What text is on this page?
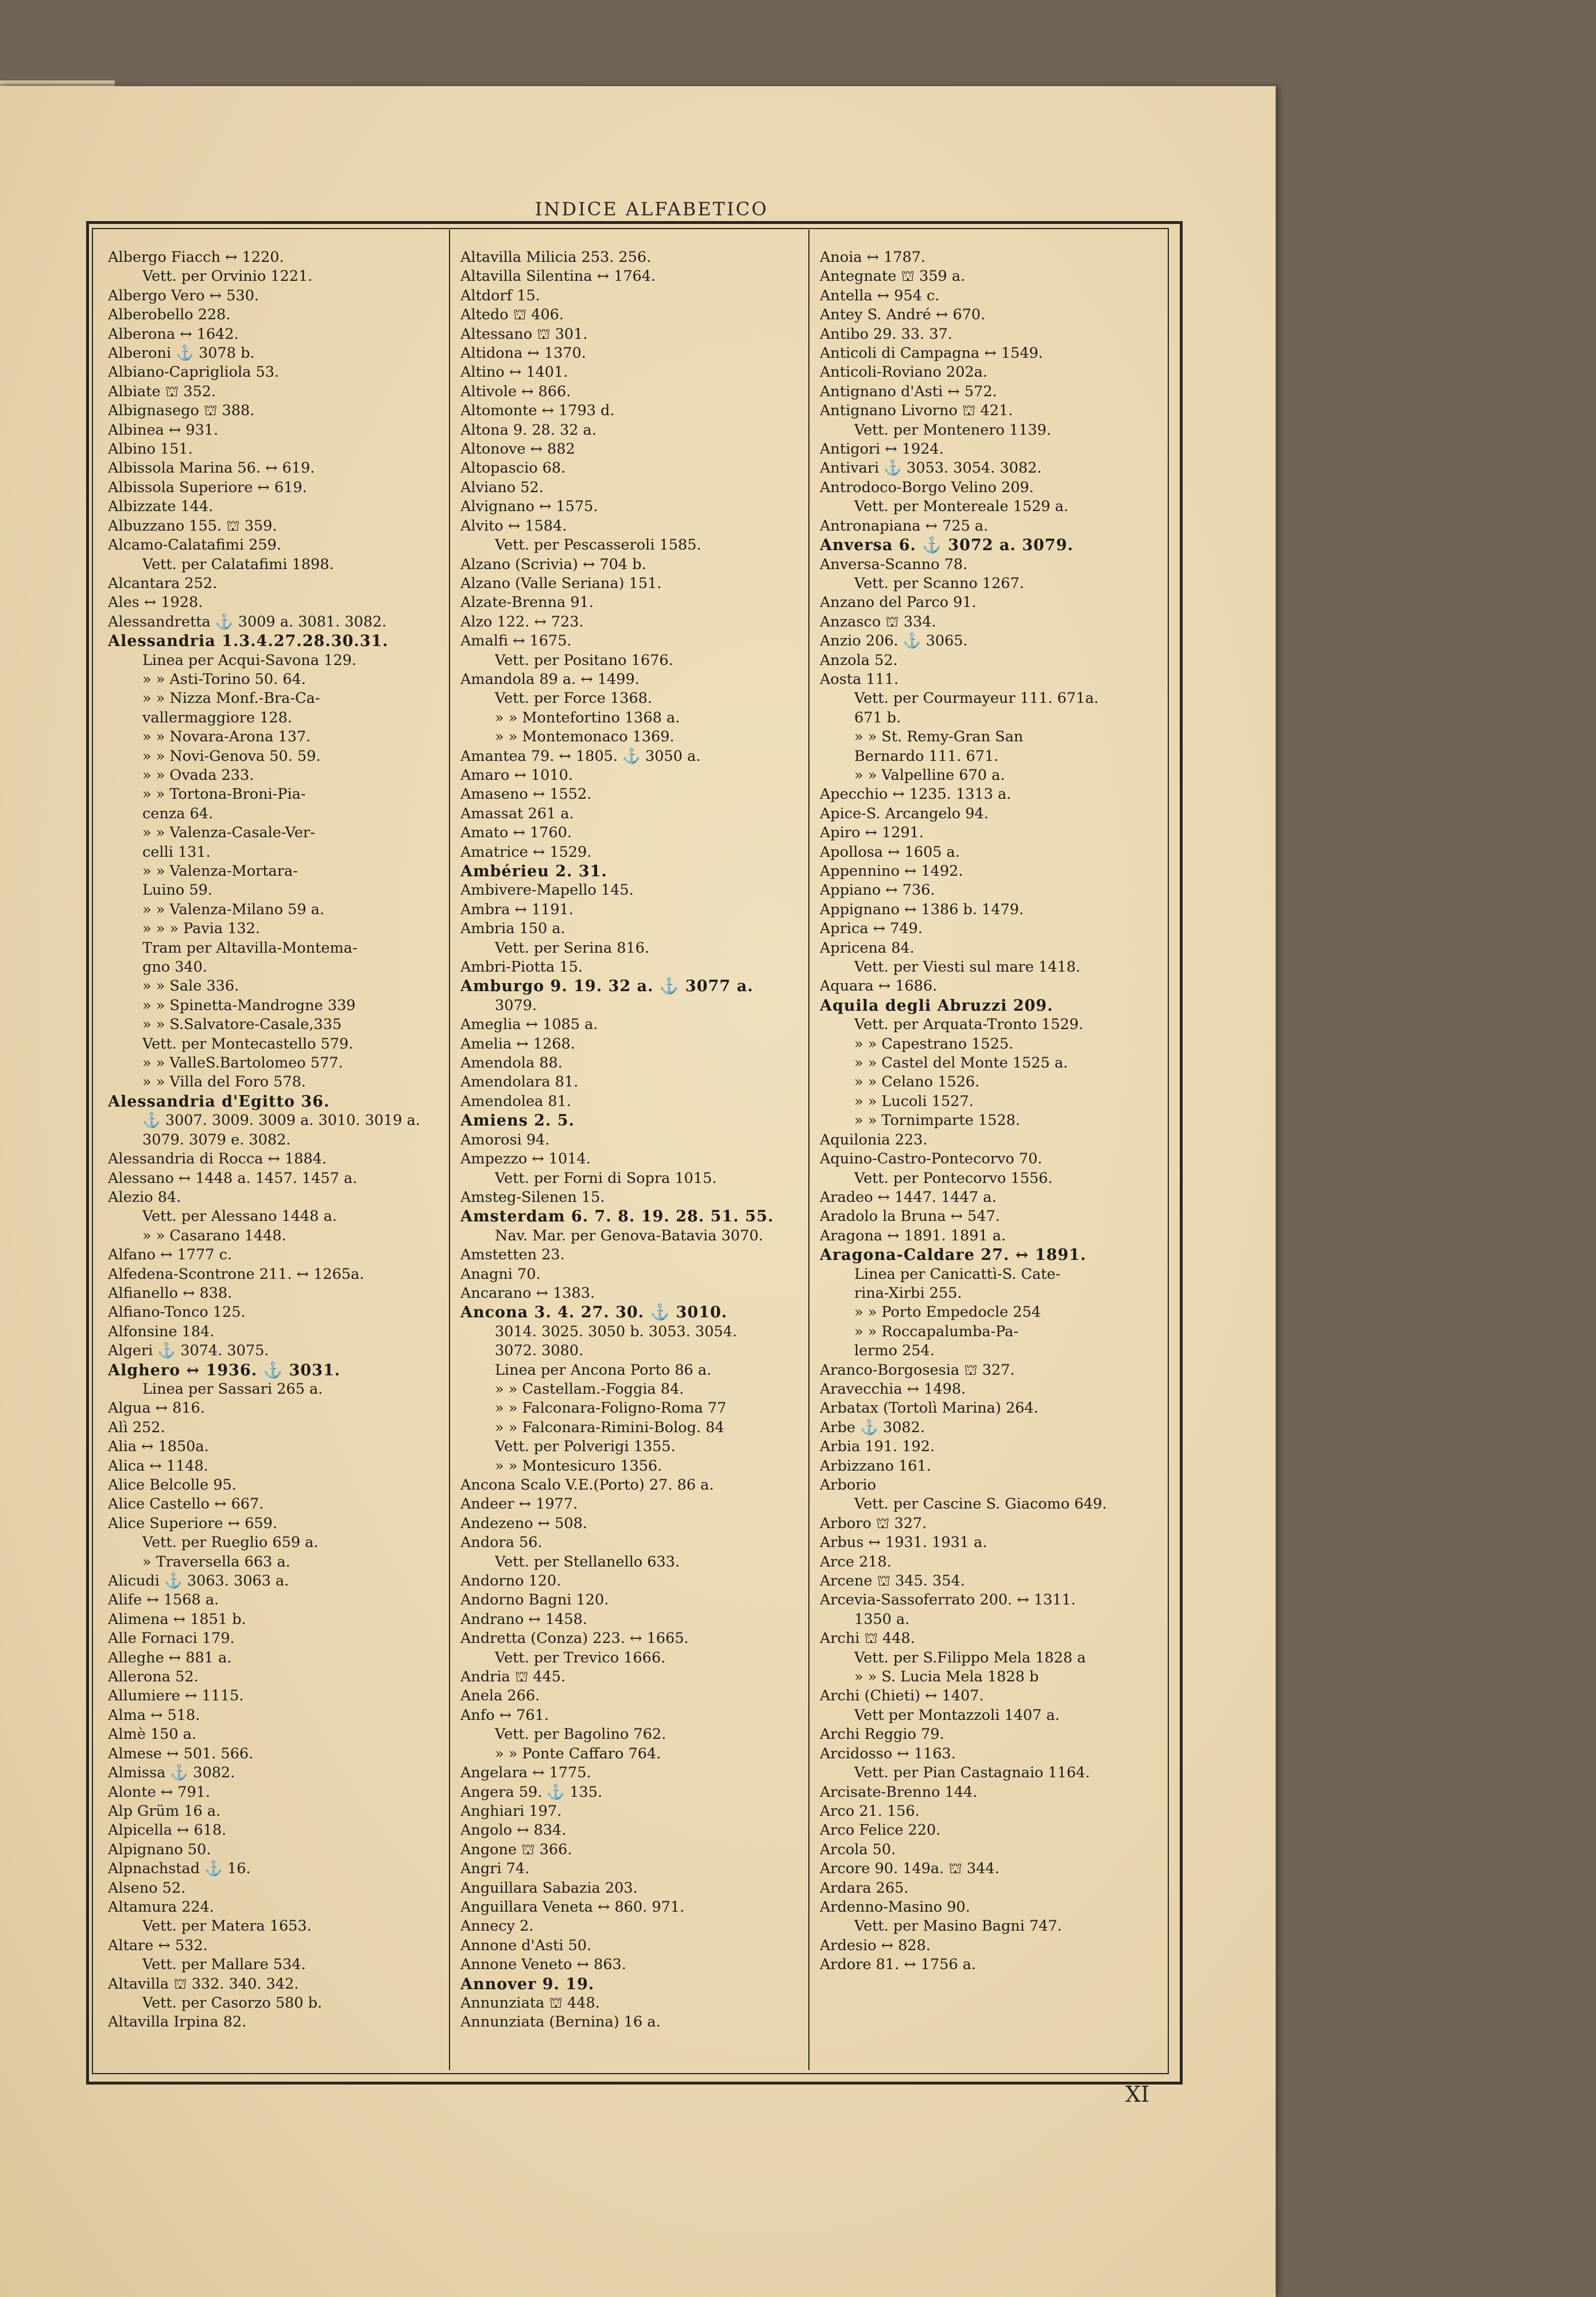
INDICE ALFABETICO
Albergo Fiacch ↔ 1220.
Vett. per Orvinio 1221.
Albergo Vero ↔ 530.
Alberobello 228.
Alberona ↔ 1642.
Alberoni ⚓ 3078 b.
Albiano-Caprigliola 53.
Albiate ⛫ 352.
Albignasego ⛫ 388.
Albinea ↔ 931.
Albino 151.
Albissola Marina 56. ↔ 619.
Albissola Superiore ↔ 619.
Albizzate 144.
Albuzzano 155. ⛫ 359.
Alcamo-Calatafimi 259.
Vett. per Calatafimi 1898.
Alcantara 252.
Ales ↔ 1928.
Alessandretta ⚓ 3009 a. 3081. 3082.
Alessandria 1.3.4.27.28.30.31.
Linea per Acqui-Savona 129.
» » Asti-Torino 50. 64.
» » Nizza Monf.-Bra-Ca-
vallermaggiore 128.
» » Novara-Arona 137.
» » Novi-Genova 50. 59.
» » Ovada 233.
» » Tortona-Broni-Pia-
cenza 64.
» » Valenza-Casale-Ver-
celli 131.
» » Valenza-Mortara-
Luino 59.
» » Valenza-Milano 59 a.
» » » Pavia 132.
Tram per Altavilla-Montema-
gno 340.
» » Sale 336.
» » Spinetta-Mandrogne 339
» » S.Salvatore-Casale,335
Vett. per Montecastello 579.
» » ValleS.Bartolomeo 577.
» » Villa del Foro 578.
Alessandria d'Egitto 36.
⚓ 3007. 3009. 3009 a. 3010. 3019 a.
3079. 3079 e. 3082.
Alessandria di Rocca ↔ 1884.
Alessano ↔ 1448 a. 1457. 1457 a.
Alezio 84.
Vett. per Alessano 1448 a.
» » Casarano 1448.
Alfano ↔ 1777 c.
Alfedena-Scontrone 211. ↔ 1265a.
Alfianello ↔ 838.
Alfiano-Tonco 125.
Alfonsine 184.
Algeri ⚓ 3074. 3075.
Alghero ↔ 1936. ⚓ 3031.
Linea per Sassari 265 a.
Algua ↔ 816.
Alì 252.
Alia ↔ 1850a.
Alica ↔ 1148.
Alice Belcolle 95.
Alice Castello ↔ 667.
Alice Superiore ↔ 659.
Vett. per Rueglio 659 a.
» Traversella 663 a.
Alicudi ⚓ 3063. 3063 a.
Alife ↔ 1568 a.
Alimena ↔ 1851 b.
Alle Fornaci 179.
Alleghe ↔ 881 a.
Allerona 52.
Allumiere ↔ 1115.
Alma ↔ 518.
Almè 150 a.
Almese ↔ 501. 566.
Almissa ⚓ 3082.
Alonte ↔ 791.
Alp Grüm 16 a.
Alpicella ↔ 618.
Alpignano 50.
Alpnachstad ⚓ 16.
Alseno 52.
Altamura 224.
Vett. per Matera 1653.
Altare ↔ 532.
Vett. per Mallare 534.
Altavilla ⛫ 332. 340. 342.
Vett. per Casorzo 580 b.
Altavilla Irpina 82.
Altavilla Milicia 253. 256.
Altavilla Silentina ↔ 1764.
Altdorf 15.
Altedo ⛫ 406.
Altessano ⛫ 301.
Altidona ↔ 1370.
Altino ↔ 1401.
Altivole ↔ 866.
Altomonte ↔ 1793 d.
Altona 9. 28. 32 a.
Altonove ↔ 882
Altopascio 68.
Alviano 52.
Alvignano ↔ 1575.
Alvito ↔ 1584.
Vett. per Pescasseroli 1585.
Alzano (Scrivia) ↔ 704 b.
Alzano (Valle Seriana) 151.
Alzate-Brenna 91.
Alzo 122. ↔ 723.
Amalfi ↔ 1675.
Vett. per Positano 1676.
Amandola 89 a. ↔ 1499.
Vett. per Force 1368.
» » Montefortino 1368 a.
» » Montemonaco 1369.
Amantea 79. ↔ 1805. ⚓ 3050 a.
Amaro ↔ 1010.
Amaseno ↔ 1552.
Amassat 261 a.
Amato ↔ 1760.
Amatrice ↔ 1529.
Ambérieu 2. 31.
Ambivere-Mapello 145.
Ambra ↔ 1191.
Ambria 150 a.
Vett. per Serina 816.
Ambri-Piotta 15.
Amburgo 9. 19. 32 a. ⚓ 3077 a.
3079.
Ameglia ↔ 1085 a.
Amelia ↔ 1268.
Amendola 88.
Amendolara 81.
Amendolea 81.
Amiens 2. 5.
Amorosi 94.
Ampezzo ↔ 1014.
Vett. per Forni di Sopra 1015.
Amsteg-Silenen 15.
Amsterdam 6. 7. 8. 19. 28. 51. 55.
Nav. Mar. per Genova-Batavia 3070.
Amstetten 23.
Anagni 70.
Ancarano ↔ 1383.
Ancona 3. 4. 27. 30. ⚓ 3010.
3014. 3025. 3050 b. 3053. 3054.
3072. 3080.
Linea per Ancona Porto 86 a.
» » Castellam.-Foggia 84.
» » Falconara-Foligno-Roma 77
» » Falconara-Rimini-Bolog. 84
Vett. per Polverigi 1355.
» » Montesicuro 1356.
Ancona Scalo V.E.(Porto) 27. 86 a.
Andeer ↔ 1977.
Andezeno ↔ 508.
Andora 56.
Vett. per Stellanello 633.
Andorno 120.
Andorno Bagni 120.
Andrano ↔ 1458.
Andretta (Conza) 223. ↔ 1665.
Vett. per Trevico 1666.
Andria ⛫ 445.
Anela 266.
Anfo ↔ 761.
Vett. per Bagolino 762.
» » Ponte Caffaro 764.
Angelara ↔ 1775.
Angera 59. ⚓ 135.
Anghiari 197.
Angolo ↔ 834.
Angone ⛫ 366.
Angri 74.
Anguillara Sabazia 203.
Anguillara Veneta ↔ 860. 971.
Annecy 2.
Annone d'Asti 50.
Annone Veneto ↔ 863.
Annover 9. 19.
Annunziata ⛫ 448.
Annunziata (Bernina) 16 a.
Anoia ↔ 1787.
Antegnate ⛫ 359 a.
Antella ↔ 954 c.
Antey S. André ↔ 670.
Antibo 29. 33. 37.
Anticoli di Campagna ↔ 1549.
Anticoli-Roviano 202a.
Antignano d'Asti ↔ 572.
Antignano Livorno ⛫ 421.
Vett. per Montenero 1139.
Antigori ↔ 1924.
Antivari ⚓ 3053. 3054. 3082.
Antrodoco-Borgo Velino 209.
Vett. per Montereale 1529 a.
Antronapiana ↔ 725 a.
Anversa 6. ⚓ 3072 a. 3079.
Anversa-Scanno 78.
Vett. per Scanno 1267.
Anzano del Parco 91.
Anzasco ⛫ 334.
Anzio 206. ⚓ 3065.
Anzola 52.
Aosta 111.
Vett. per Courmayeur 111. 671a.
671 b.
» » St. Remy-Gran San
Bernardo 111. 671.
» » Valpelline 670 a.
Apecchio ↔ 1235. 1313 a.
Apice-S. Arcangelo 94.
Apiro ↔ 1291.
Apollosa ↔ 1605 a.
Appennino ↔ 1492.
Appiano ↔ 736.
Appignano ↔ 1386 b. 1479.
Aprica ↔ 749.
Apricena 84.
Vett. per Viesti sul mare 1418.
Aquara ↔ 1686.
Aquila degli Abruzzi 209.
Vett. per Arquata-Tronto 1529.
» » Capestrano 1525.
» » Castel del Monte 1525 a.
» » Celano 1526.
» » Lucoli 1527.
» » Tornimparte 1528.
Aquilonia 223.
Aquino-Castro-Pontecorvo 70.
Vett. per Pontecorvo 1556.
Aradeo ↔ 1447. 1447 a.
Aradolo la Bruna ↔ 547.
Aragona ↔ 1891. 1891 a.
Aragona-Caldare 27. ↔ 1891.
Linea per Canicattì-S. Cate-
rina-Xirbi 255.
» » Porto Empedocle 254
» » Roccapalumba-Pa-
lermo 254.
Aranco-Borgosesia ⛫ 327.
Aravecchia ↔ 1498.
Arbatax (Tortolì Marina) 264.
Arbe ⚓ 3082.
Arbia 191. 192.
Arbizzano 161.
Arborio
Vett. per Cascine S. Giacomo 649.
Arboro ⛫ 327.
Arbus ↔ 1931. 1931 a.
Arce 218.
Arcene ⛫ 345. 354.
Arcevia-Sassoferrato 200. ↔ 1311.
1350 a.
Archi ⛫ 448.
Vett. per S.Filippo Mela 1828 a
» » S. Lucia Mela 1828 b
Archi (Chieti) ↔ 1407.
Vett per Montazzoli 1407 a.
Archi Reggio 79.
Arcidosso ↔ 1163.
Vett. per Pian Castagnaio 1164.
Arcisate-Brenno 144.
Arco 21. 156.
Arco Felice 220.
Arcola 50.
Arcore 90. 149a. ⛫ 344.
Ardara 265.
Ardenno-Masino 90.
Vett. per Masino Bagni 747.
Ardesio ↔ 828.
Ardore 81. ↔ 1756 a.
XI
